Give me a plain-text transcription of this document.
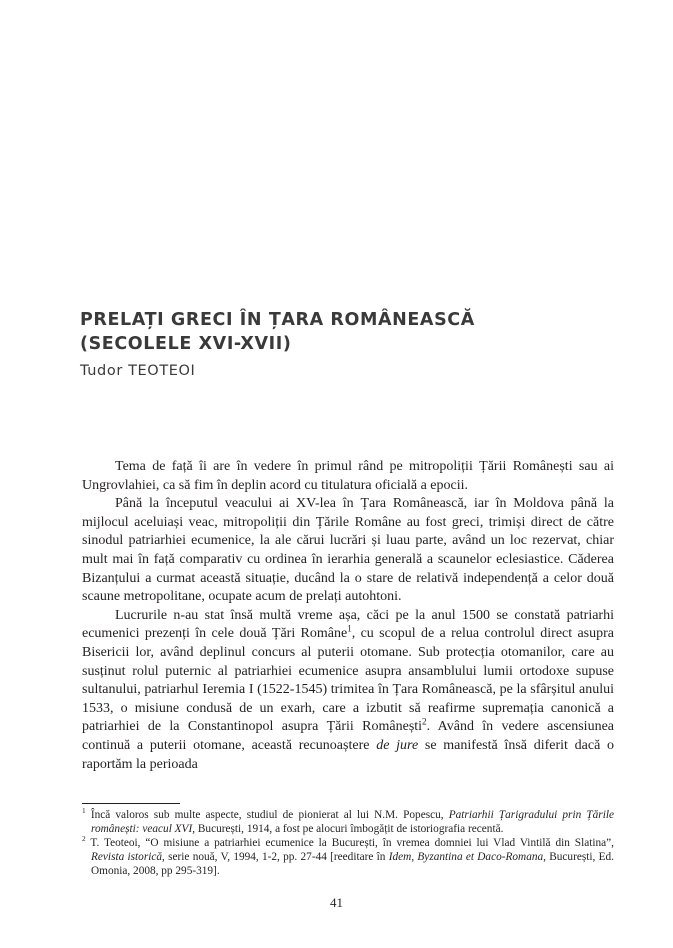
PRELAȚI GRECI ÎN ȚARA ROMÂNEASCĂ
(SECOLELE XVI-XVII)
Tudor TEOTEOI

Tema de față îi are în vedere în primul rând pe mitropoliții Țării Românești sau ai Ungrovlahiei, ca să fim în deplin acord cu titulatura oficială a epocii.

Până la începutul veacului ai XV-lea în Țara Românească, iar în Moldova până la mijlocul aceluiași veac, mitropoliții din Țările Române au fost greci, trimiși direct de către sinodul patriarhiei ecumenice, la ale cărui lucrări și luau parte, având un loc rezervat, chiar mult mai în față comparativ cu ordinea în ierarhia generală a scaunelor eclesiastice. Căderea Bizanțului a curmat această situație, ducând la o stare de relativă independență a celor două scaune metropolitane, ocupate acum de prelați autohtoni.

Lucrurile n-au stat însă multă vreme așa, căci pe la anul 1500 se constată patriarhi ecumenici prezenți în cele două Țări Române$^1$, cu scopul de a relua controlul direct asupra Bisericii lor, având deplinul concurs al puterii otomane. Sub protecția otomanilor, care au susținut rolul puternic al patriarhiei ecumenice asupra ansamblului lumii ortodoxe supuse sultanului, patriarhul Ieremia I (1522-1545) trimitea în Țara Românească, pe la sfârșitul anului 1533, o misiune condusă de un exarh, care a izbutit să reafirme supremația canonică a patriarhiei de la Constantinopol asupra Țării Românești$^2$. Având în vedere ascensiunea continuă a puterii otomane, această recunoaștere de jure se manifestă însă diferit dacă o raportăm la perioada

$^1$ Încă valoros sub multe aspecte, studiul de pionierat al lui N.M. Popescu, Patriarhii Țarigradului prin Țările românești: veacul XVI, București, 1914, a fost pe alocuri îmbogățit de istoriografia recentă.

$^2$ T. Teoteoi, “O misiune a patriarhiei ecumenice la București, în vremea domniei lui Vlad Vintilă din Slatina”, Revista istorică, serie nouă, V, 1994, 1-2, pp. 27-44 [reeditare în Idem, Byzantina et Daco-Romana, București, Ed. Omonia, 2008, pp 295-319].

41
